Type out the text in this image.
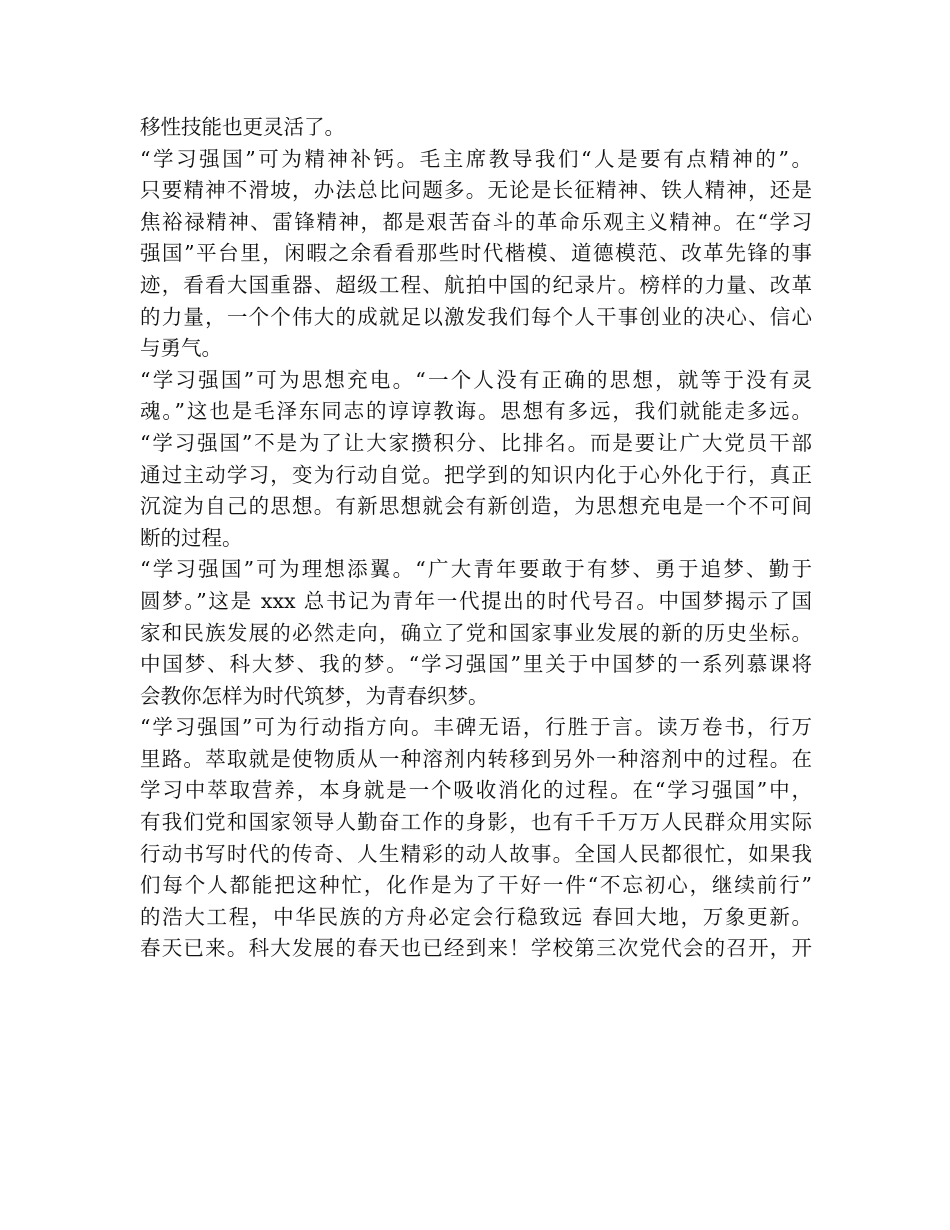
移性技能也更灵活了。
“学习强国”可为精神补钙。毛主席教导我们“人是要有点精神的”。
只要精神不滑坡，办法总比问题多。无论是长征精神、铁人精神，还是
焦裕禄精神、雷锋精神，都是艰苦奋斗的革命乐观主义精神。在“学习
强国”平台里，闲暇之余看看那些时代楷模、道德模范、改革先锋的事
迹，看看大国重器、超级工程、航拍中国的纪录片。榜样的力量、改革
的力量，一个个伟大的成就足以激发我们每个人干事创业的决心、信心
与勇气。
“学习强国”可为思想充电。“一个人没有正确的思想，就等于没有灵
魂。”这也是毛泽东同志的谆谆教诲。思想有多远，我们就能走多远。
“学习强国”不是为了让大家攒积分、比排名。而是要让广大党员干部
通过主动学习，变为行动自觉。把学到的知识内化于心外化于行，真正
沉淀为自己的思想。有新思想就会有新创造，为思想充电是一个不可间
断的过程。
“学习强国”可为理想添翼。“广大青年要敢于有梦、勇于追梦、勤于
圆梦。”这是 xxx 总书记为青年一代提出的时代号召。中国梦揭示了国
家和民族发展的必然走向，确立了党和国家事业发展的新的历史坐标。
中国梦、科大梦、我的梦。“学习强国”里关于中国梦的一系列慕课将
会教你怎样为时代筑梦，为青春织梦。
“学习强国”可为行动指方向。丰碑无语，行胜于言。读万卷书，行万
里路。萃取就是使物质从一种溶剂内转移到另外一种溶剂中的过程。在
学习中萃取营养，本身就是一个吸收消化的过程。在“学习强国”中，
有我们党和国家领导人勤奋工作的身影，也有千千万万人民群众用实际
行动书写时代的传奇、人生精彩的动人故事。全国人民都很忙，如果我
们每个人都能把这种忙，化作是为了干好一件“不忘初心，继续前行”
的浩大工程，中华民族的方舟必定会行稳致远 春回大地，万象更新。
春天已来。科大发展的春天也已经到来！学校第三次党代会的召开，开
